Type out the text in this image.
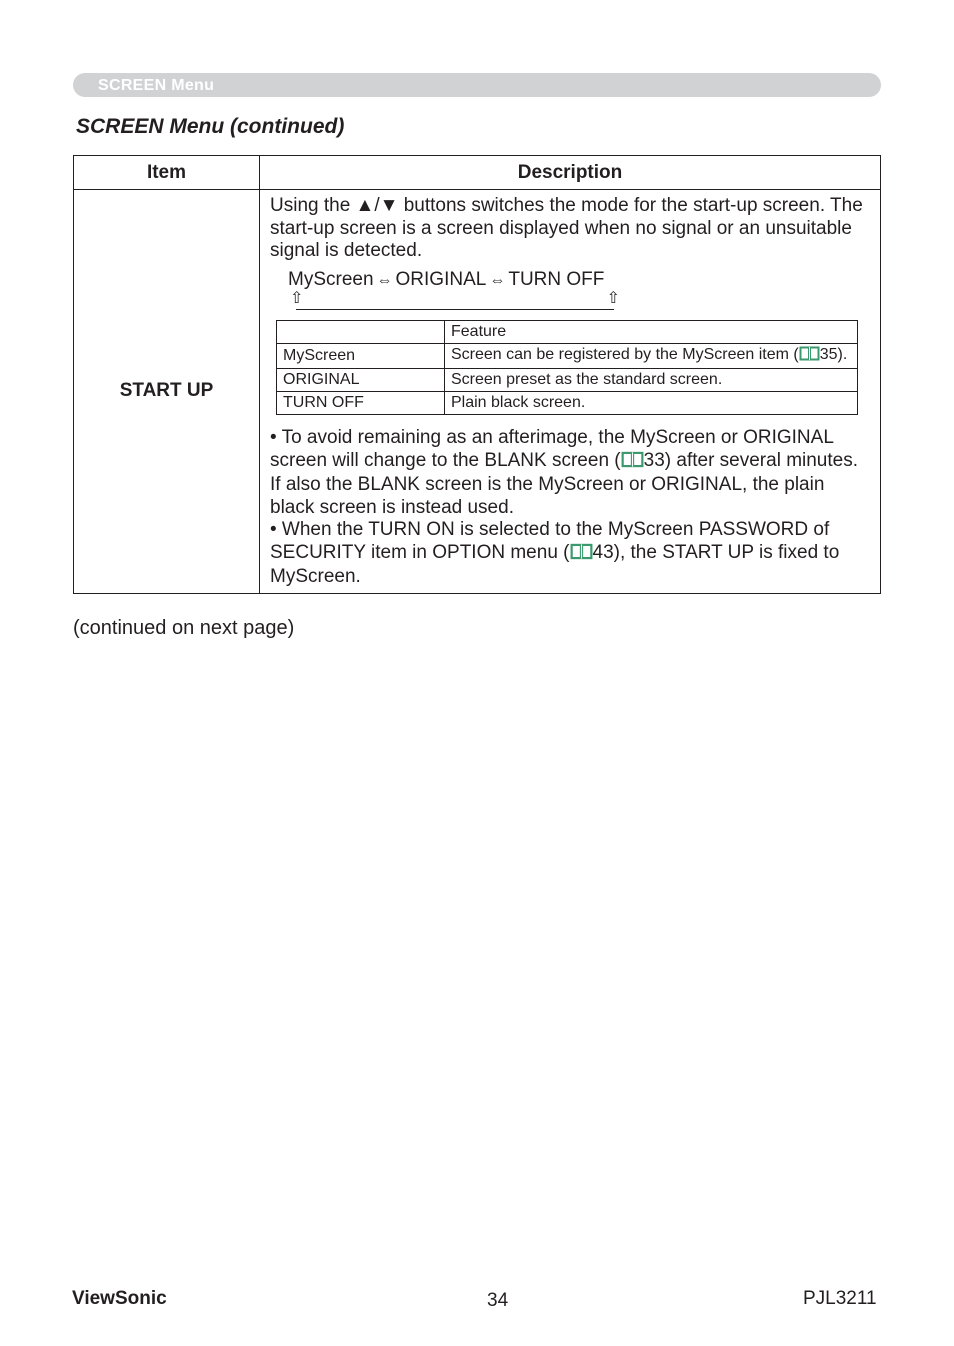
SCREEN Menu
SCREEN Menu (continued)
Item	Description
START UP	

Using the ▲/▼ buttons switches the mode for the start-up screen. The start-up screen is a screen displayed when no signal or an unsuitable signal is detected.

MyScreen ⇔ ORIGINAL ⇔ TURN OFF
⇧	⇧
	Feature
MyScreen	Screen can be registered by the MyScreen item ( 35).
ORIGINAL	Screen preset as the standard screen.
TURN OFF	Plain black screen.

• To avoid remaining as an afterimage, the MyScreen or ORIGINAL screen will change to the BLANK screen ( 33) after several minutes. If also the BLANK screen is the MyScreen or ORIGINAL, the plain black screen is instead used.

• When the TURN ON is selected to the MyScreen PASSWORD of SECURITY item in OPTION menu ( 43), the START UP is fixed to MyScreen.

(continued on next page)
ViewSonic	34	PJL3211
